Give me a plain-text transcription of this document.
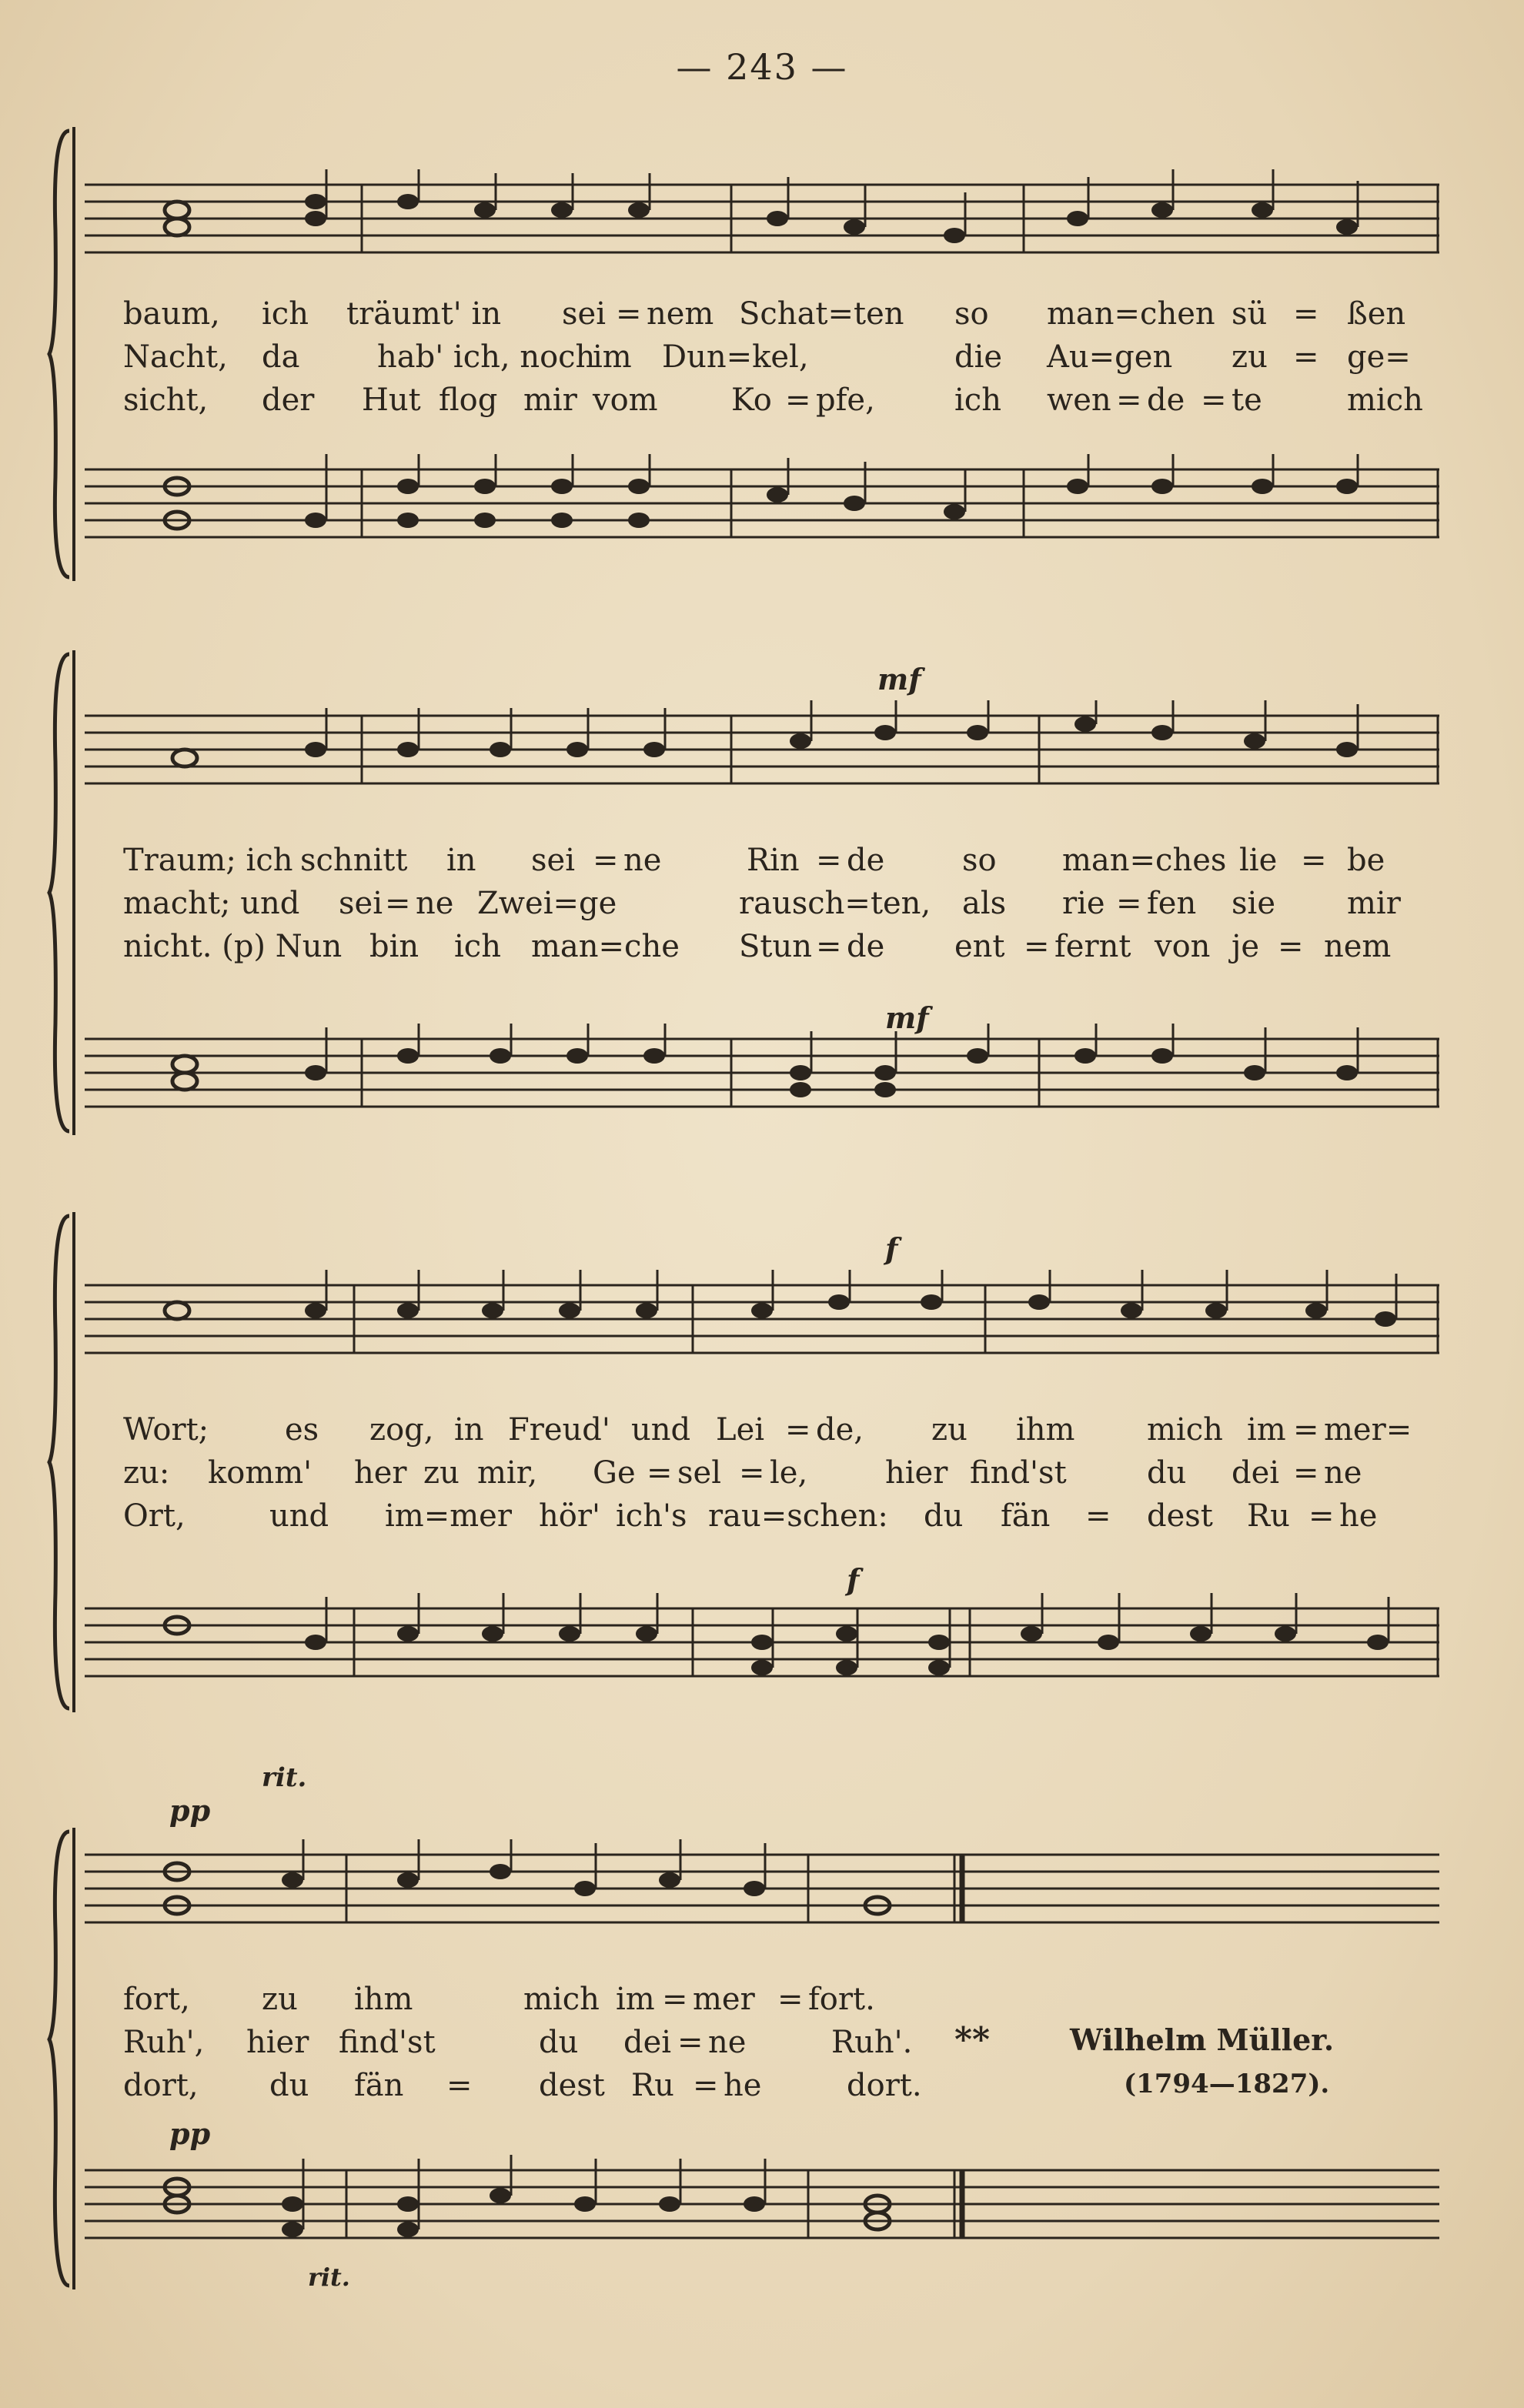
— 243 —
baum, ich träumt' in sei = nem Schat=ten so man=chen sü = ßen
Nacht, da	hab' ich, noch
im Dun=kel,	die Au=gen zu = ge=
sicht, der Hut flog mir vom Ko = pfe,	ich wen = de = te	mich
mf
Traum; ich schnitt in sei = ne	Rin = de	so man=ches lie = be
macht; und sei = ne Zwei=ge	rausch=ten, als rie = fen sie mir
nicht. (p) Nun bin ich man=che Stun = de ent = fernt von je = nem
mf
f
Wort; es zog, in Freud' und Lei = de, zu ihm mich im = mer=
zu: komm' her zu mir, Ge = sel = le,	hier find'st	du dei = ne
Ort,	und im=mer hör' ich's rau=schen: du fän = dest Ru = he
f
rit.
pp
fort, zu ihm	mich im = mer = fort.
Ruh', hier find'st	du dei = ne	Ruh'.
dort, du fän = dest Ru = he	dort.
**	Wilhelm Müller.
(1794—1827).
pp
rit.
